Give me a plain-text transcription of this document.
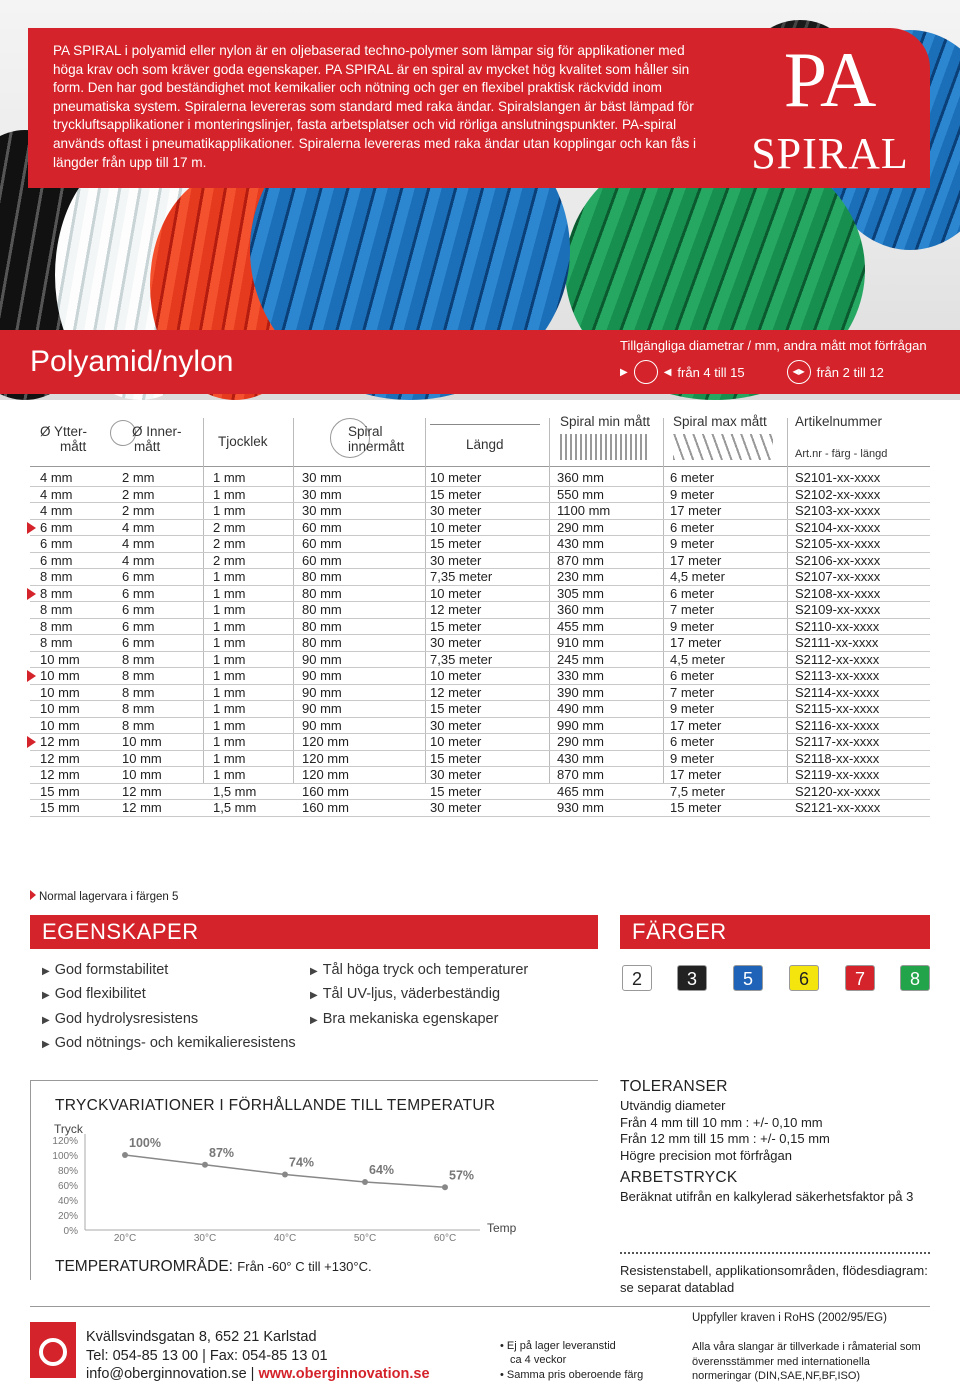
PA SPIRAL i polyamid eller nylon är en oljebaserad techno-polymer som lämpar sig för applikationer med höga krav och som kräver goda egenskaper. PA SPIRAL är en spiral av mycket hög kvalitet som håller sin form. Den har god beständighet mot kemikalier och nötning och ger en flexibel praktisk räckvidd inom pneumatiska system. Spiralerna levereras som standard med raka ändar. Spiralslangen är bäst lämpad för tryckluftsapplikationer i monteringslinjer, fasta arbetsplatser och vid rörliga anslutningspunkter. PA-spiral används oftast i pneumatikapplikationer. Spiralerna levereras med raka ändar utan kopplingar och kan fås i längder från upp till 17 m.
PA
SPIRAL
Polyamid/nylon	Tillgängliga diametrar / mm, andra mått mot förfrågan
▶	◀ från 4 till 15	◀▶ från 2 till 12
Ø Ytter-
mått
Ø Inner-
mått	Tjocklek
Spiral
innermått	Längd
Spiral min mått Spiral max mått Artikelnummer
Art.nr - färg - längd
4 mm	2 mm	1 mm	30 mm	10 meter	360 mm	6 meter	S2101-xx-xxxx
4 mm	2 mm	1 mm	30 mm	15 meter	550 mm	9 meter	S2102-xx-xxxx
4 mm	2 mm	1 mm	30 mm	30 meter	1100 mm	17 meter	S2103-xx-xxxx
6 mm	4 mm	2 mm	60 mm	10 meter	290 mm	6 meter	S2104-xx-xxxx
6 mm	4 mm	2 mm	60 mm	15 meter	430 mm	9 meter	S2105-xx-xxxx
6 mm	4 mm	2 mm	60 mm	30 meter	870 mm	17 meter	S2106-xx-xxxx
8 mm	6 mm	1 mm	80 mm	7,35 meter	230 mm	4,5 meter	S2107-xx-xxxx
8 mm	6 mm	1 mm	80 mm	10 meter	305 mm	6 meter	S2108-xx-xxxx
8 mm	6 mm	1 mm	80 mm	12 meter	360 mm	7 meter	S2109-xx-xxxx
8 mm	6 mm	1 mm	80 mm	15 meter	455 mm	9 meter	S2110-xx-xxxx
8 mm	6 mm	1 mm	80 mm	30 meter	910 mm	17 meter	S2111-xx-xxxx
10 mm	8 mm	1 mm	90 mm	7,35 meter	245 mm	4,5 meter	S2112-xx-xxxx
10 mm	8 mm	1 mm	90 mm	10 meter	330 mm	6 meter	S2113-xx-xxxx
10 mm	8 mm	1 mm	90 mm	12 meter	390 mm	7 meter	S2114-xx-xxxx
10 mm	8 mm	1 mm	90 mm	15 meter	490 mm	9 meter	S2115-xx-xxxx
10 mm	8 mm	1 mm	90 mm	30 meter	990 mm	17 meter	S2116-xx-xxxx
12 mm	10 mm	1 mm	120 mm	10 meter	290 mm	6 meter	S2117-xx-xxxx
12 mm	10 mm	1 mm	120 mm	15 meter	430 mm	9 meter	S2118-xx-xxxx
12 mm	10 mm	1 mm	120 mm	30 meter	870 mm	17 meter	S2119-xx-xxxx
15 mm	12 mm	1,5 mm	160 mm	15 meter	465 mm	7,5 meter	S2120-xx-xxxx
15 mm	12 mm	1,5 mm	160 mm	30 meter	930 mm	15 meter	S2121-xx-xxxx
Normal lagervara i färgen 5
EGENSKAPER	FÄRGER
▶ God formstabilitet
▶ God flexibilitet
▶ God hydrolysresistens
▶ God nötnings- och kemikalieresistens
▶ Tål höga tryck och temperaturer
▶ Tål UV-ljus, väderbeständig
▶ Bra mekaniska egenskaper
2	3	5	6	7	8
TRYCKVARIATIONER I FÖRHÅLLANDE TILL TEMPERATUR
Tryck
120%
100%
80%
60%
40%
20%
0%
20°C	30°C	40°C	50°C	60°C
Temp
100%
87%
74%
64%	57%
TEMPERATUROMRÅDE: Från -60° C till +130°C.
TOLERANSER
Utvändig diameter
Från 4 mm till 10 mm : +/- 0,10 mm
Från 12 mm till 15 mm : +/- 0,15 mm
Högre precision mot förfrågan
ARBETSTRYCK
Beräknat utifrån en kalkylerad säkerhetsfaktor på 3
Resistenstabell, applikationsområden, flödesdiagram: se separat datablad
Kvällsvindsgatan 8, 652 21 Karlstad
Tel: 054-85 13 00 | Fax: 054-85 13 01
info@oberginnovation.se | www.oberginnovation.se
• Ej på lager leveranstid
ca 4 veckor
• Samma pris oberoende färg
Uppfyller kraven i RoHS (2002/95/EG)
Alla våra slangar är tillverkade i råmaterial som överensstämmer med internationella normeringar (DIN,SAE,NF,BF,ISO)
